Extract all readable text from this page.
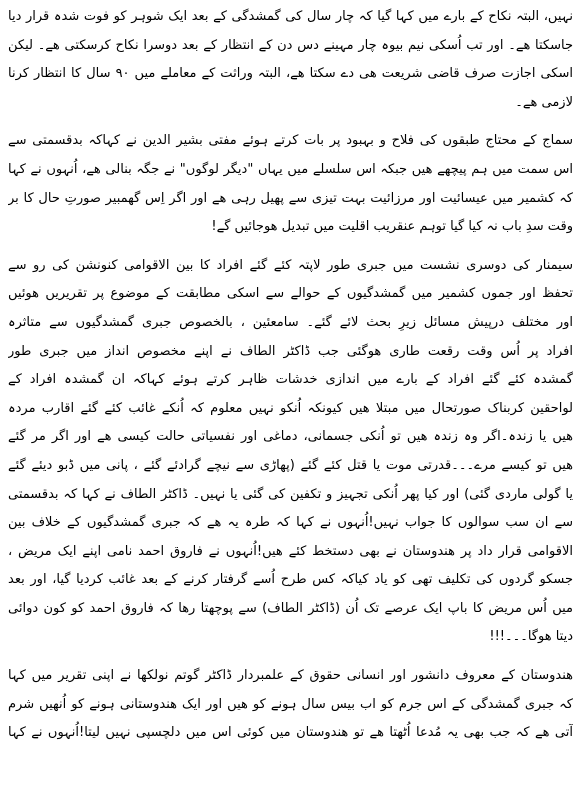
نہیں، البتہ نکاح کے بارے میں کہا گیا کہ چار سال کی گمشدگی کے بعد ایک شوہر کو فوت شدہ قرار دیا
جاسکتا ھے۔ اور تب اُسکی نیم بیوہ چار مہینے دس دن کے انتظار کے بعد دوسرا نکاح کرسکتی ھے۔ لیکن
اسکی اجازت صرف قاضی شریعت ھی دے سکتا ھے، البتہ وراثت کے معاملے میں ۹۰ سال کا انتظار کرنا
لازمی ھے۔
سماج کے محتاج طبقوں کی فلاح و بہبود پر بات کرتے ہوئے مفتی بشیر الدین نے کہاکہ بدقسمتی سے
اس سمت میں ہم پیچھے ھیں جبکہ اس سلسلے میں یہاں "دیگر لوگوں" نے جگہ بنالی ھے، اُنہوں نے کہا
کہ کشمیر میں عیسائیت اور مرزائیت بہت تیزی سے پھیل رہی ھے اور اگر اِس گھمبیر صورتِ حال کا بر
وقت سدِ باب نہ کیا گیا توہم عنقریب اقلیت میں تبدیل ھوجائیں گے!
سیمنار کی دوسری نشست میں جبری طور لاپتہ کئے گئے افراد کا بین الاقوامی کنونشن کی رو سے
تحفظ اور جموں کشمیر میں گمشدگیوں کے حوالے سے اسکی مطابقت کے موضوع پر تقریریں ھوئیں
اور مختلف درپیش مسائل زیرِ بحث لائے گئے۔ سامعئین ، بالخصوص جبری گمشدگیوں سے متاثرہ
افراد پر اُس وقت رقعت طاری ھوگئی جب ڈاکٹر الطاف نے اپنے مخصوص انداز میں جبری طور
گمشدہ کئے گئے افراد کے بارے میں اندازی خدشات ظاہر کرتے ہوئے کہاکہ ان گمشدہ افراد کے
لواحقین کربناک صورتحال میں مبتلا ھیں کیونکہ اُنکو نہیں معلوم کہ اُنکے غائب کئے گئے اقارب مردہ
ھیں یا زندہ۔اگر وہ زندہ ھیں تو اُنکی جسمانی، دماغی اور نفسیاتی حالت کیسی ھے اور اگر مر گئے
ھیں تو کیسے مرے۔۔۔قدرتی موت یا قتل کئے گئے (پھاڑی سے نیچے گرادئے گئے ، پانی میں ڈبو دیئے گئے
یا گولی ماردی گئی) اور کیا پھر اُنکی تجہیز و تکفین کی گئی یا نہیں۔ ڈاکٹر الطاف نے کہا کہ بدقسمتی
سے ان سب سوالوں کا جواب نہیں!اُنہوں نے کہا کہ طرہ یہ ھے کہ جبری گمشدگیوں کے خلاف بین
الاقوامی قرار داد پر ھندوستان نے بھی دستخط کئے ھیں!اُنہوں نے فاروق احمد نامی اپنے ایک مریض ،
جسکو گردوں کی تکلیف تھی کو یاد کیاکہ کس طرح اُسے گرفتار کرنے کے بعد غائب کردیا گیا، اور بعد
میں اُس مریض کا باپ ایک عرصے تک اُن (ڈاکٹر الطاف) سے پوچھتا رھا کہ فاروق احمد کو کون دوائی
دیتا ھوگا۔۔۔!!!
ھندوستان کے معروف دانشور اور انسانی حقوق کے علمبردار ڈاکٹر گوتم نولکھا نے اپنی تقریر میں کہا
کہ جبری گمشدگی کے اس جرم کو اب بیس سال ہونے کو ھیں اور ایک ھندوستانی ہونے کو اُنھیں شرم
آتی ھے کہ جب بھی یہ مُدعا اُٹھتا ھے تو ھندوستان میں کوئی اس میں دلچسپی نہیں لیتا!اُنہوں نے کہا
